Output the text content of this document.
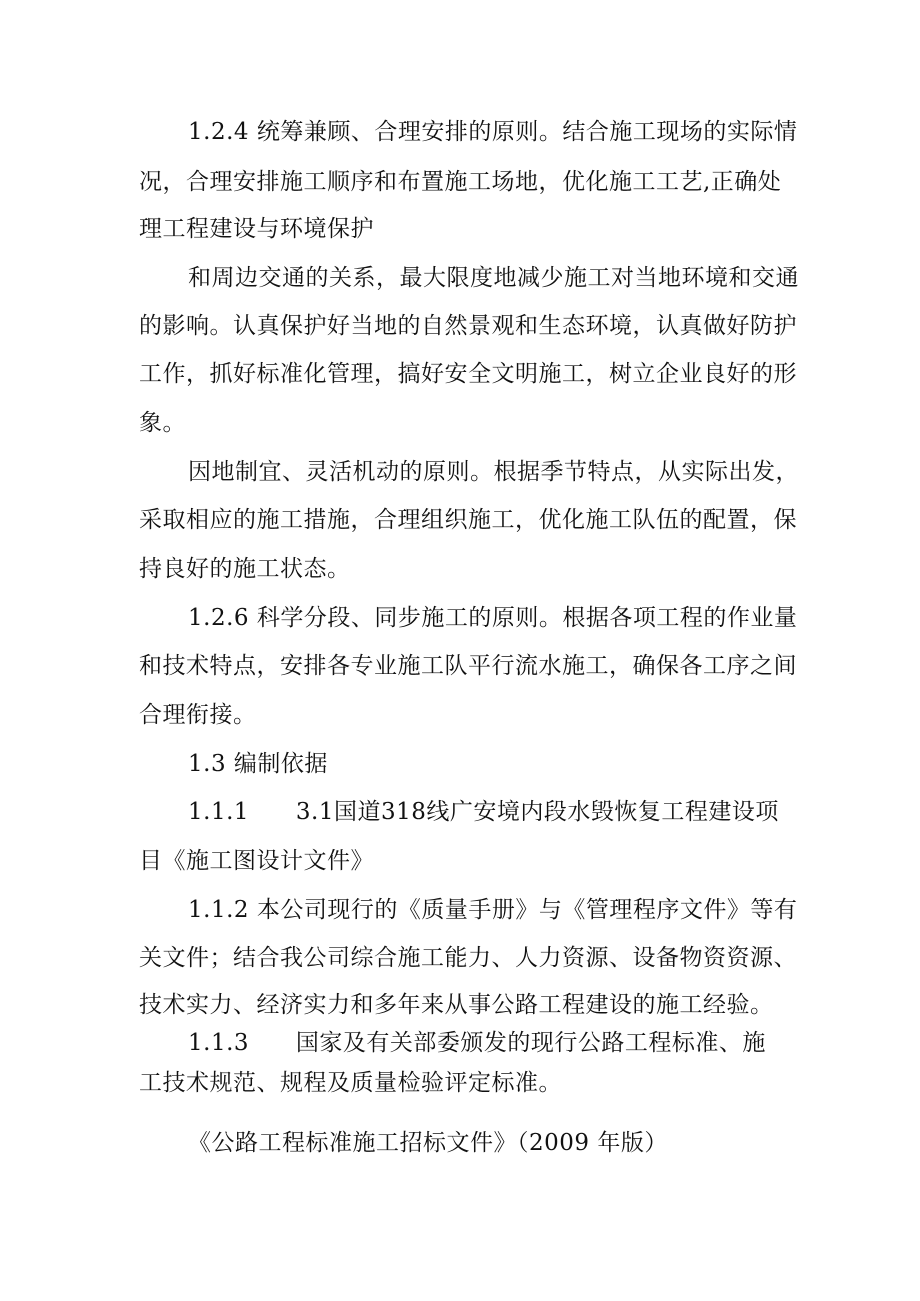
1.2.4 统筹兼顾、合理安排的原则。结合施工现场的实际情
况，合理安排施工顺序和布置施工场地，优化施工工艺,正确处
理工程建设与环境保护
和周边交通的关系，最大限度地减少施工对当地环境和交通
的影响。认真保护好当地的自然景观和生态环境，认真做好防护
工作，抓好标准化管理，搞好安全文明施工，树立企业良好的形
象。
因地制宜、灵活机动的原则。根据季节特点，从实际出发，
采取相应的施工措施，合理组织施工，优化施工队伍的配置，保
持良好的施工状态。
1.2.6 科学分段、同步施工的原则。根据各项工程的作业量
和技术特点，安排各专业施工队平行流水施工，确保各工序之间
合理衔接。
1.3 编制依据
1.1.1      3.1国道318线广安境内段水毁恢复工程建设项
目《施工图设计文件》
1.1.2 本公司现行的《质量手册》与《管理程序文件》等有
关文件；结合我公司综合施工能力、人力资源、设备物资资源、
技术实力、经济实力和多年来从事公路工程建设的施工经验。
1.1.3      国家及有关部委颁发的现行公路工程标准、施
工技术规范、规程及质量检验评定标准。
《公路工程标准施工招标文件》（2009 年版）
